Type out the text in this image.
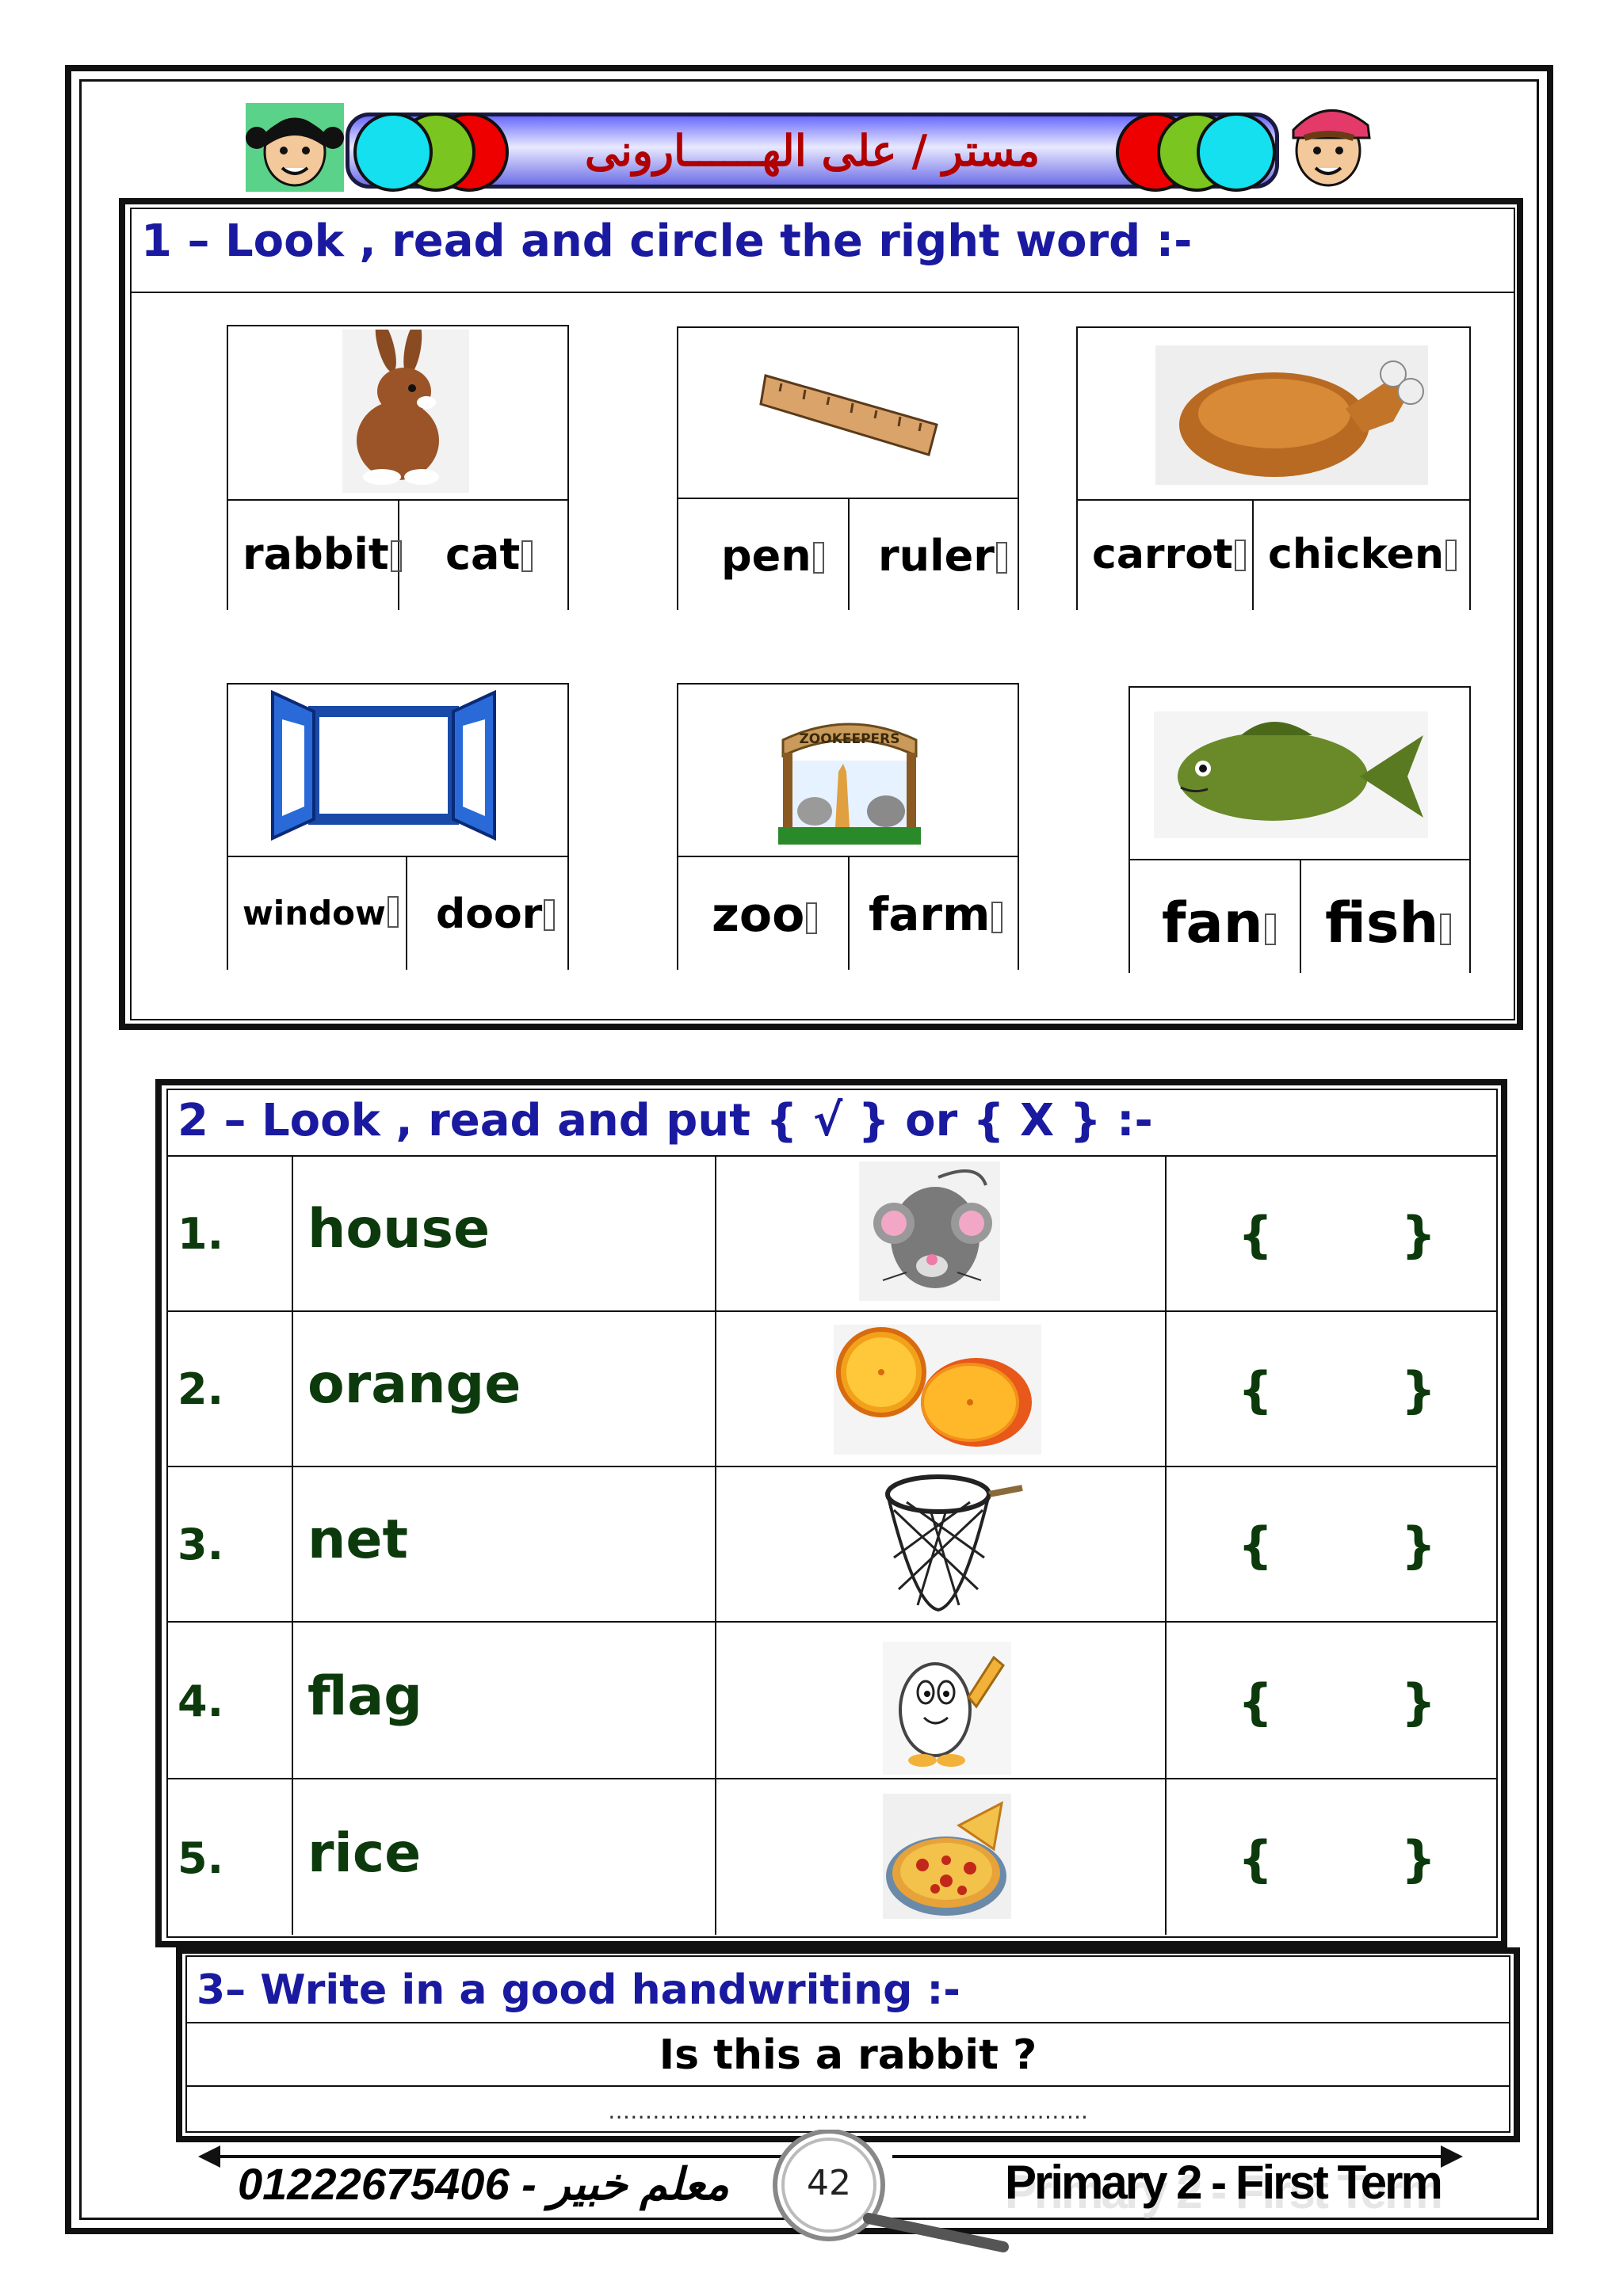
مستر / على الهــــــارونى
1 – Look , read and circle the right word :-
rabbit cat	pen ruler	carrot chicken
window	door
ZOOKEEPERS
zoo farm	fan fish
2 – Look , read and put { √ } or { X } :-
1. house	{	}
2. orange	{	}
3. net	{	}
4. flag	{	}
5. rice	{	}
3– Write in a good handwriting :-
Is this a rabbit ?
………………………………………………………..
01222675406 - معلم خبير	42	Primary 2 - First Term
